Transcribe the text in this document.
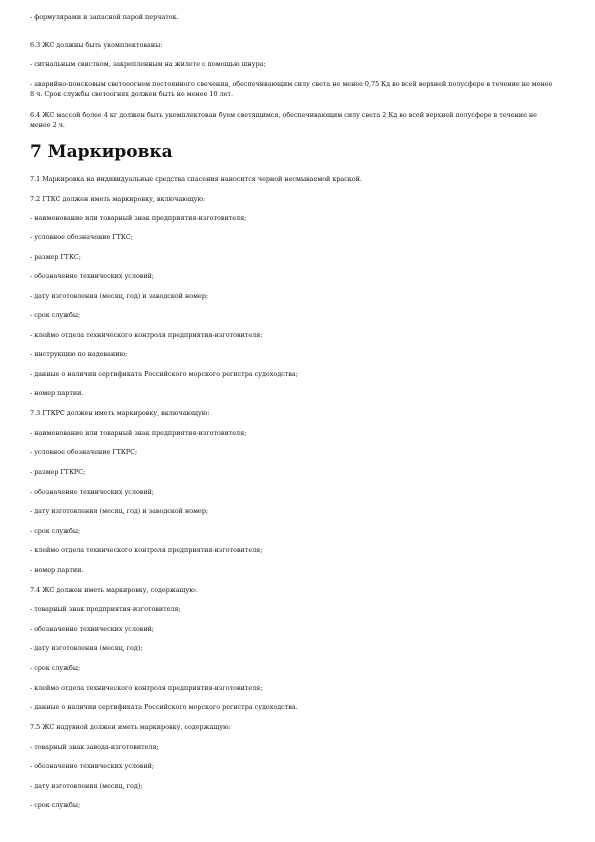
7 Маркировка

- формулярами и запасной парой перчаток.

6.3 ЖС должны быть укомплектованы:

- сигнальным свистком, закрепленным на жилете с помощью шнура;

- аварийно-поисковым светооогнем постоянного свечения, обеспечивающим силу света не менее 0,75 Кд во всей верхней полусфере в течение не менее 8 ч. Срок службы светоогнях должен быть не менее 10 лет.

6.4 ЖС массой более 4 кг должен быть укомплектован буем светящимся, обеспечивающим силу света 2 Кд во всей верхней полусфере в течение не менее 2 ч.

7.1 Маркировка на индивидуальные средства спасения наносится черной несмываемой краской.

7.2 ГТКС должен иметь маркировку, включающую:

- наименование или товарный знак предприятия-изготовителя;

- условное обозначение ГТКС;

- размер ГТКС;

- обозначение технических условий;

- дату изготовления (месяц, год) и заводской номер;

- срок службы;

- клеймо отдела технического контроля предприятия-изготовителя;

- инструкцию по надеванию;

- данные о наличии сертификата Российского морского регистра судоходства;

- номер партии.

7.3 ГТКРС должен иметь маркировку, включающую:

- наименование или товарный знак предприятия-изготовителя;

- условное обозначение ГТКРС;

- размер ГТКРС;

- обозначение технических условий;

- дату изготовления (месяц, год) и заводской номер;

- срок службы;

- клеймо отдела технического контроля предприятия-изготовителя;

- номер партии.

7.4 ЖС должен иметь маркировку, содержащую:

- товарный знак предприятия-изготовителя;

- обозначение технических условий;

- дату изготовления (месяц, год);

- срок службы;

- клеймо отдела технического контроля предприятия-изготовителя;

- данные о наличии сертификата Российского морского регистра судоходства.

7.5 ЖС надувной должен иметь маркировку, содержащую:

- товарный знак завода-изготовителя;

- обозначение технических условий;

- дату изготовления (месяц, год);

- срок службы;
